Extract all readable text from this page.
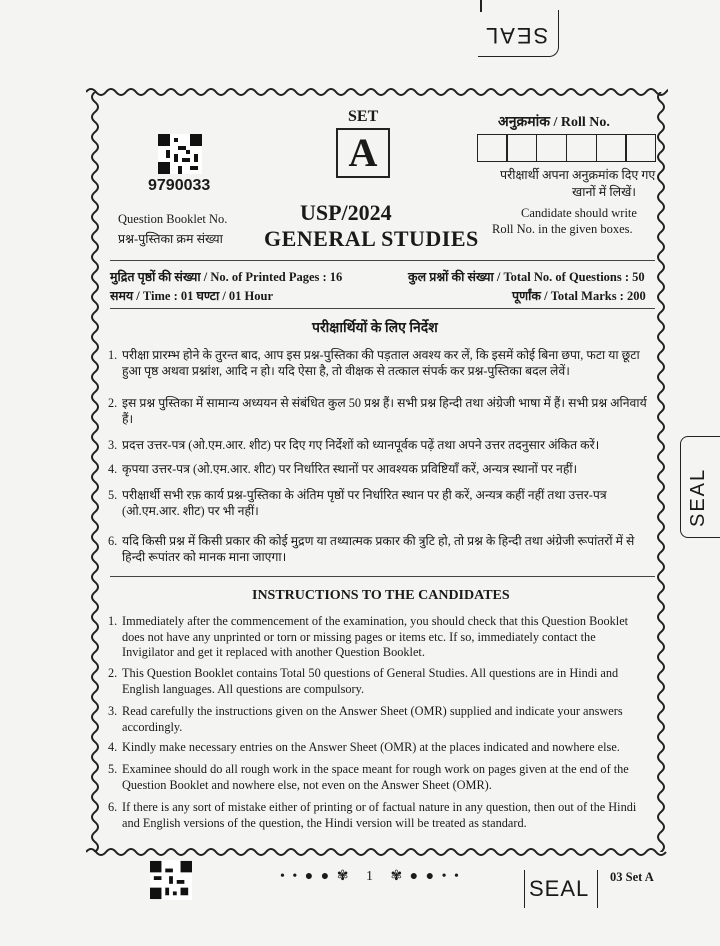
SEAL
SEAL
SET
A
9790033
Question Booklet No.
प्रश्न-पुस्तिका क्रम संख्या
USP/2024
GENERAL STUDIES
अनुक्रमांक / Roll No.
परीक्षार्थी अपना अनुक्रमांक दिए गए
खानों में लिखें।
Candidate should write
Roll No. in the given boxes.
मुद्रित पृष्ठों की संख्या / No. of Printed Pages : 16
समय / Time : 01 घण्टा / 01 Hour
कुल प्रश्नों की संख्या / Total No. of Questions : 50
पूर्णांक / Total Marks : 200
परीक्षार्थियों के लिए निर्देश
1. परीक्षा प्रारम्भ होने के तुरन्त बाद, आप इस प्रश्न-पुस्तिका की पड़ताल अवश्य कर लें, कि इसमें कोई बिना छपा, फटा या छूटा हुआ पृष्ठ अथवा प्रश्नांश, आदि न हो। यदि ऐसा है, तो वीक्षक से तत्काल संपर्क कर प्रश्न-पुस्तिका बदल लेवें।
2. इस प्रश्न पुस्तिका में सामान्य अध्ययन से संबंधित कुल 50 प्रश्न हैं। सभी प्रश्न हिन्दी तथा अंग्रेजी भाषा में हैं। सभी प्रश्न अनिवार्य हैं।
3. प्रदत्त उत्तर-पत्र (ओ.एम.आर. शीट) पर दिए गए निर्देशों को ध्यानपूर्वक पढ़ें तथा अपने उत्तर तदनुसार अंकित करें।
4. कृपया उत्तर-पत्र (ओ.एम.आर. शीट) पर निर्धारित स्थानों पर आवश्यक प्रविष्टियाँ करें, अन्यत्र स्थानों पर नहीं।
5. परीक्षार्थी सभी रफ़ कार्य प्रश्न-पुस्तिका के अंतिम पृष्ठों पर निर्धारित स्थान पर ही करें, अन्यत्र कहीं नहीं तथा उत्तर-पत्र (ओ.एम.आर. शीट) पर भी नहीं।
6. यदि किसी प्रश्न में किसी प्रकार की कोई मुद्रण या तथ्यात्मक प्रकार की त्रुटि हो, तो प्रश्न के हिन्दी तथा अंग्रेजी रूपांतरों में से हिन्दी रूपांतर को मानक माना जाएगा।
INSTRUCTIONS TO THE CANDIDATES
1. Immediately after the commencement of the examination, you should check that this Question Booklet does not have any unprinted or torn or missing pages or items etc. If so, immediately contact the Invigilator and get it replaced with another Question Booklet.
2. This Question Booklet contains Total 50 questions of General Studies. All questions are in Hindi and English languages. All questions are compulsory.
3. Read carefully the instructions given on the Answer Sheet (OMR) supplied and indicate your answers accordingly.
4. Kindly make necessary entries on the Answer Sheet (OMR) at the places indicated and nowhere else.
5. Examinee should do all rough work in the space meant for rough work on pages given at the end of the Question Booklet and nowhere else, not even on the Answer Sheet (OMR).
6. If there is any sort of mistake either of printing or of factual nature in any question, then out of the Hindi and English versions of the question, the Hindi version will be treated as standard.
• • ● ● ✾ 1 ✾ ● ● • •	SEAL 03 Set A
